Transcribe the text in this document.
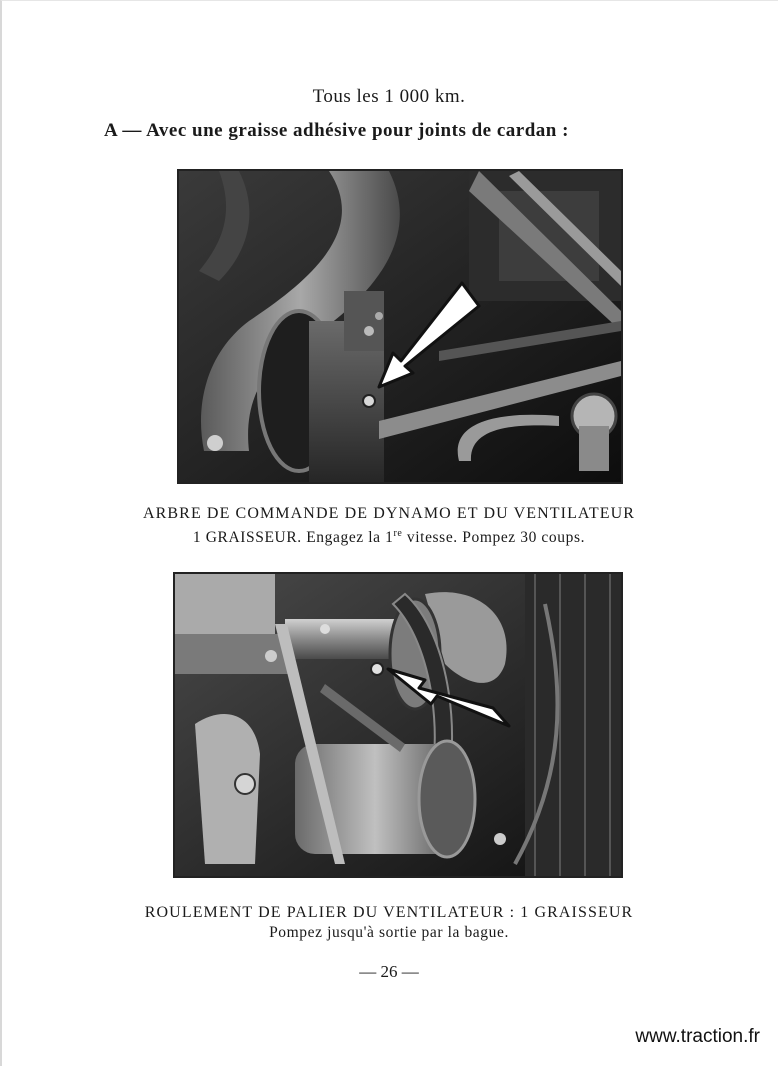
Tous les 1 000 km.
A — Avec une graisse adhésive pour joints de cardan :
ARBRE DE COMMANDE DE DYNAMO ET DU VENTILATEUR
1 GRAISSEUR. Engagez la 1re vitesse. Pompez 30 coups.
ROULEMENT DE PALIER DU VENTILATEUR : 1 GRAISSEUR
Pompez jusqu'à sortie par la bague.
— 26 —
www.traction.fr
